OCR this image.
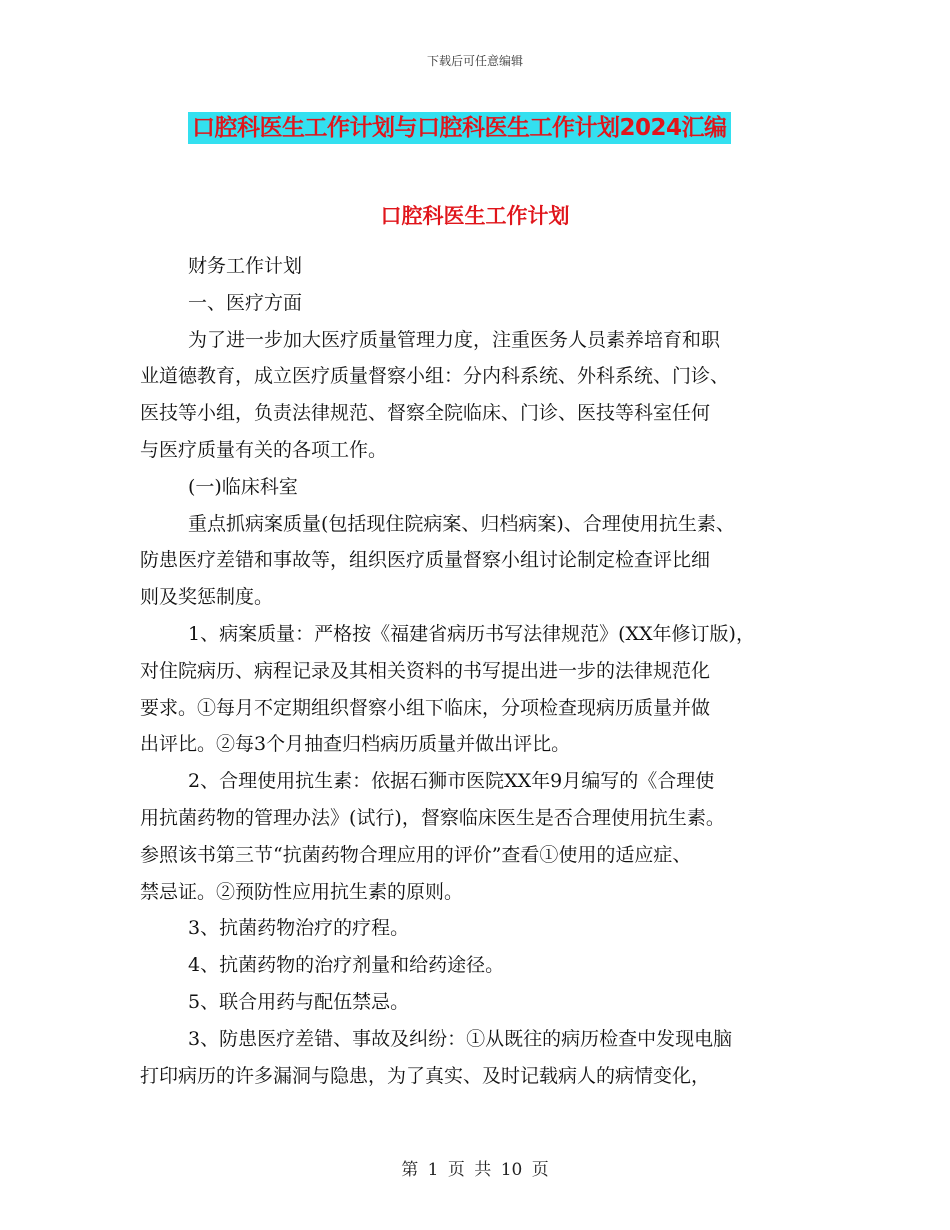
下载后可任意编辑
口腔科医生工作计划与口腔科医生工作计划2024汇编
口腔科医生工作计划
财务工作计划
一、医疗方面
为了进一步加大医疗质量管理力度，注重医务人员素养培育和职
业道德教育，成立医疗质量督察小组：分内科系统、外科系统、门诊、
医技等小组，负责法律规范、督察全院临床、门诊、医技等科室任何
与医疗质量有关的各项工作。
(一)临床科室
重点抓病案质量(包括现住院病案、归档病案)、合理使用抗生素、
防患医疗差错和事故等，组织医疗质量督察小组讨论制定检查评比细
则及奖惩制度。
1、病案质量：严格按《福建省病历书写法律规范》(XX年修订版)，
对住院病历、病程记录及其相关资料的书写提出进一步的法律规范化
要求。①每月不定期组织督察小组下临床，分项检查现病历质量并做
出评比。②每3个月抽查归档病历质量并做出评比。
2、合理使用抗生素：依据石狮市医院XX年9月编写的《合理使
用抗菌药物的管理办法》(试行)，督察临床医生是否合理使用抗生素。
参照该书第三节“抗菌药物合理应用的评价”查看①使用的适应症、
禁忌证。②预防性应用抗生素的原则。
3、抗菌药物治疗的疗程。
4、抗菌药物的治疗剂量和给药途径。
5、联合用药与配伍禁忌。
3、防患医疗差错、事故及纠纷：①从既往的病历检查中发现电脑
打印病历的许多漏洞与隐患，为了真实、及时记载病人的病情变化，
第 1 页 共 10 页
